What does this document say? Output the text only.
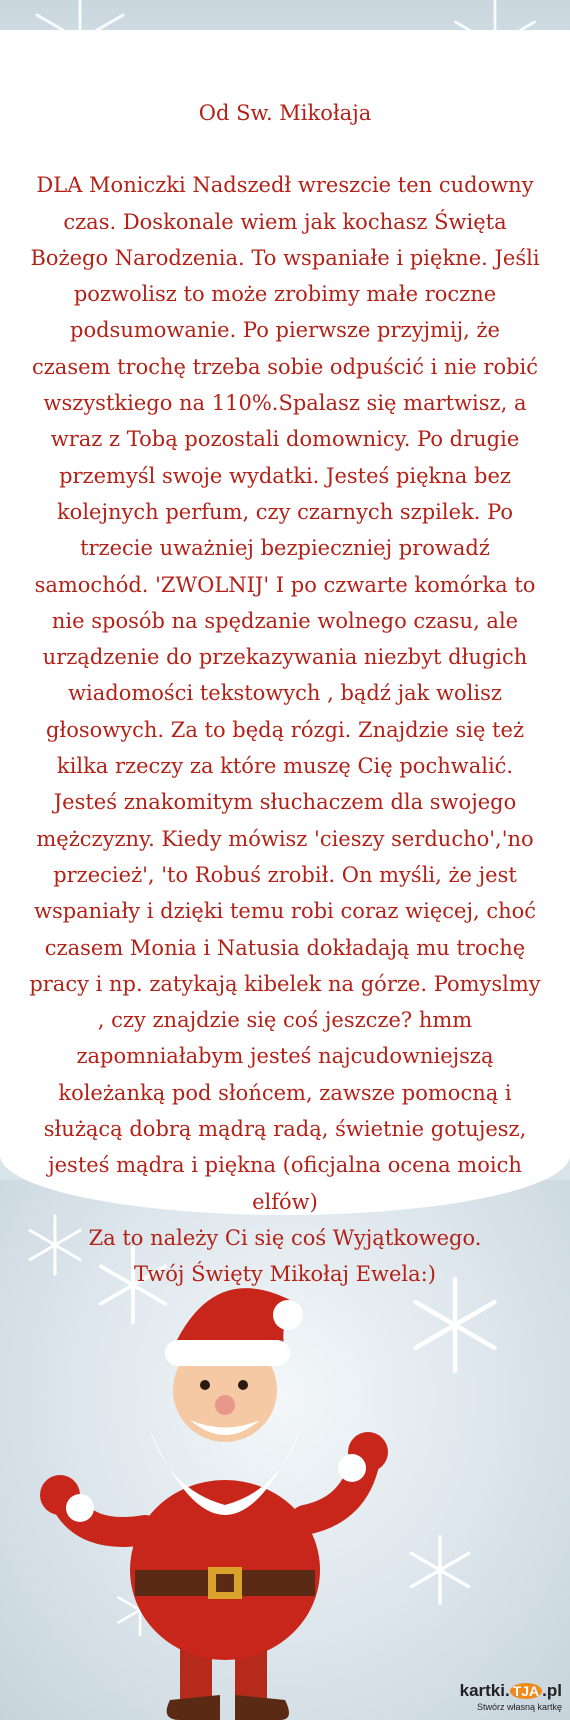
Od Sw. Mikołaja

DLA Moniczki Nadszedł wreszcie ten cudowny czas. Doskonale wiem jak kochasz Święta Bożego Narodzenia. To wspaniałe i piękne. Jeśli pozwolisz to może zrobimy małe roczne podsumowanie. Po pierwsze przyjmij, że czasem trochę trzeba sobie odpuścić i nie robić wszystkiego na 110%.Spalasz się martwisz, a wraz z Tobą pozostali domownicy. Po drugie przemyśl swoje wydatki. Jesteś piękna bez kolejnych perfum, czy czarnych szpilek. Po trzecie uważniej bezpieczniej prowadź samochód. 'ZWOLNIJ' I po czwarte komórka to nie sposób na spędzanie wolnego czasu, ale urządzenie do przekazywania niezbyt długich wiadomości tekstowych , bądź jak wolisz głosowych. Za to będą rózgi. Znajdzie się też kilka rzeczy za które muszę Cię pochwalić. Jesteś znakomitym słuchaczem dla swojego mężczyzny. Kiedy mówisz 'cieszy serducho','no przecież', 'to Robuś zrobił. On myśli, że jest wspaniały i dzięki temu robi coraz więcej, choć czasem Monia i Natusia dokładają mu trochę pracy i np. zatykają kibelek na górze. Pomyslmy , czy znajdzie się coś jeszcze? hmm zapomniałabym jesteś najcudowniejszą koleżanką pod słońcem, zawsze pomocną i służącą dobrą mądrą radą, świetnie gotujesz, jesteś mądra i piękna (oficjalna ocena moich elfów)

Za to należy Ci się coś Wyjątkowego.

Twój Święty Mikołaj Ewela:)

kartki. TJA .pl
Stwórz własną kartkę
